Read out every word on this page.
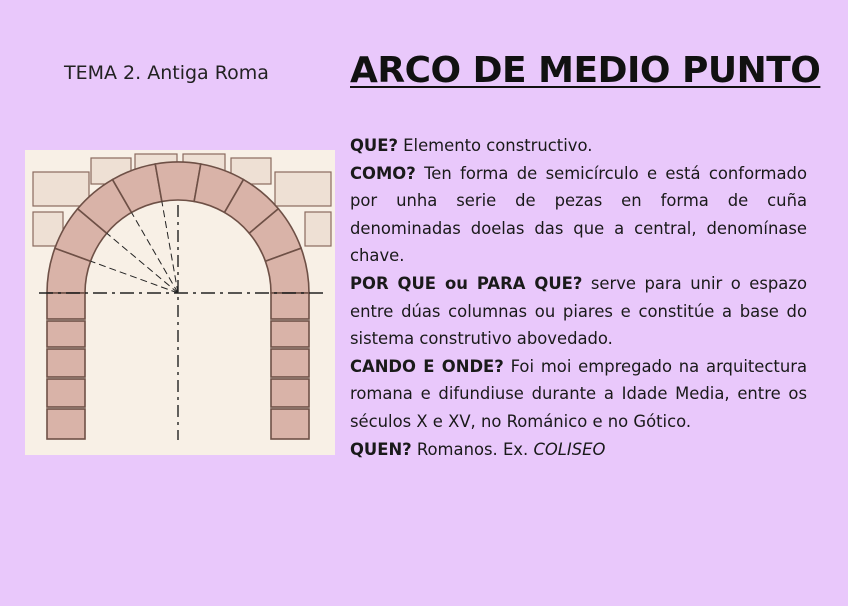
TEMA 2. Antiga Roma ARCO DE MEDIO PUNTO

QUE? Elemento constructivo.

COMO? Ten forma de semicírculo e está conformado por unha serie de pezas en forma de cuña denominadas doelas das que a central, denomínase chave.

POR QUE ou PARA QUE? serve para unir o espazo entre dúas columnas ou piares e constitúe a base do sistema construtivo abovedado.

CANDO E ONDE? Foi moi empregado na arquitectura romana e difundiuse durante a Idade Media, entre os séculos X e XV, no Románico e no Gótico.

QUEN? Romanos. Ex. COLISEO
